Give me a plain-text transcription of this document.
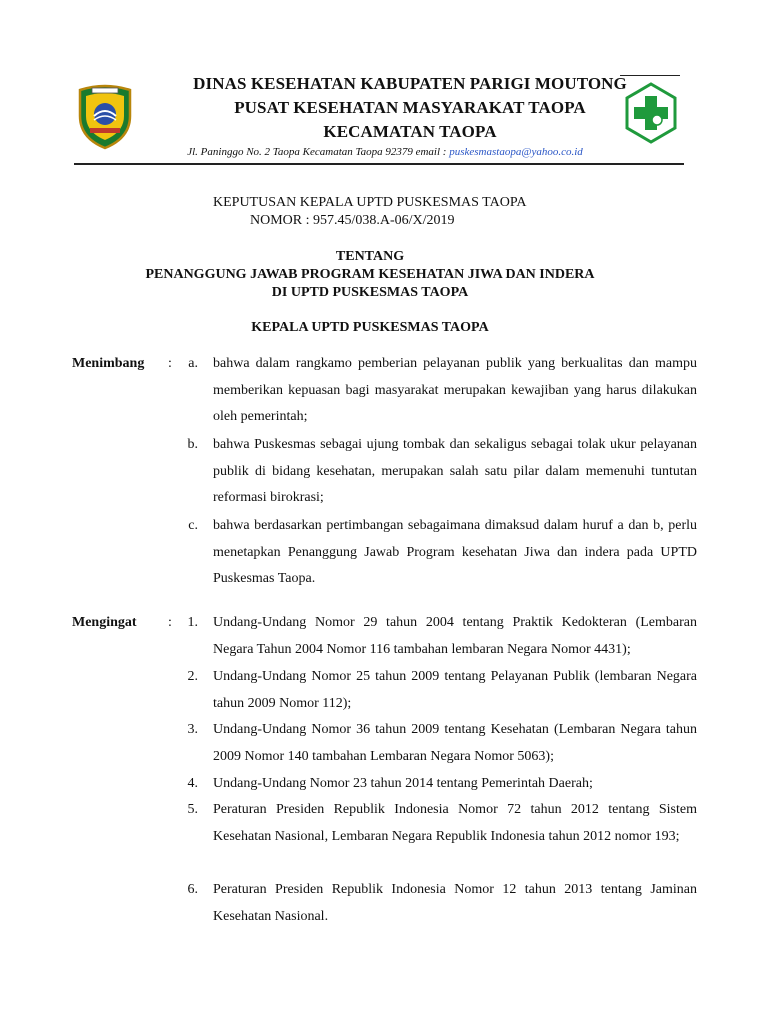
DINAS KESEHATAN KABUPATEN PARIGI MOUTONG
PUSAT KESEHATAN MASYARAKAT TAOPA
KECAMATAN TAOPA
Jl. Paninggo No. 2 Taopa Kecamatan Taopa 92379 email : puskesmastaopa@yahoo.co.id
KEPUTUSAN KEPALA UPTD PUSKESMAS TAOPA
NOMOR : 957.45/038.A-06/X/2019
TENTANG
PENANGGUNG JAWAB PROGRAM KESEHATAN JIWA DAN INDERA
DI UPTD PUSKESMAS TAOPA
KEPALA UPTD PUSKESMAS TAOPA
Menimbang :	a. bahwa dalam rangkamo pemberian pelayanan publik yang berkualitas dan mampu memberikan kepuasan bagi masyarakat merupakan kewajiban yang harus dilakukan oleh pemerintah;
b. bahwa Puskesmas sebagai ujung tombak dan sekaligus sebagai tolak ukur pelayanan publik di bidang kesehatan, merupakan salah satu pilar dalam memenuhi tuntutan reformasi birokrasi;
c. bahwa berdasarkan pertimbangan sebagaimana dimaksud dalam huruf a dan b, perlu menetapkan Penanggung Jawab Program kesehatan Jiwa dan indera pada UPTD Puskesmas Taopa.
Mengingat :	1. Undang-Undang Nomor 29 tahun 2004 tentang Praktik Kedokteran (Lembaran Negara Tahun 2004 Nomor 116 tambahan lembaran Negara Nomor 4431);
2. Undang-Undang Nomor 25 tahun 2009 tentang Pelayanan Publik (lembaran Negara tahun 2009 Nomor 112);
3. Undang-Undang Nomor 36 tahun 2009 tentang Kesehatan (Lembaran Negara tahun 2009 Nomor 140 tambahan Lembaran Negara Nomor 5063);
4. Undang-Undang Nomor 23 tahun 2014 tentang Pemerintah Daerah;
5. Peraturan Presiden Republik Indonesia Nomor 72 tahun 2012 tentang Sistem Kesehatan Nasional, Lembaran Negara Republik Indonesia tahun 2012 nomor 193;
6. Peraturan Presiden Republik Indonesia Nomor 12 tahun 2013 tentang Jaminan Kesehatan Nasional.
